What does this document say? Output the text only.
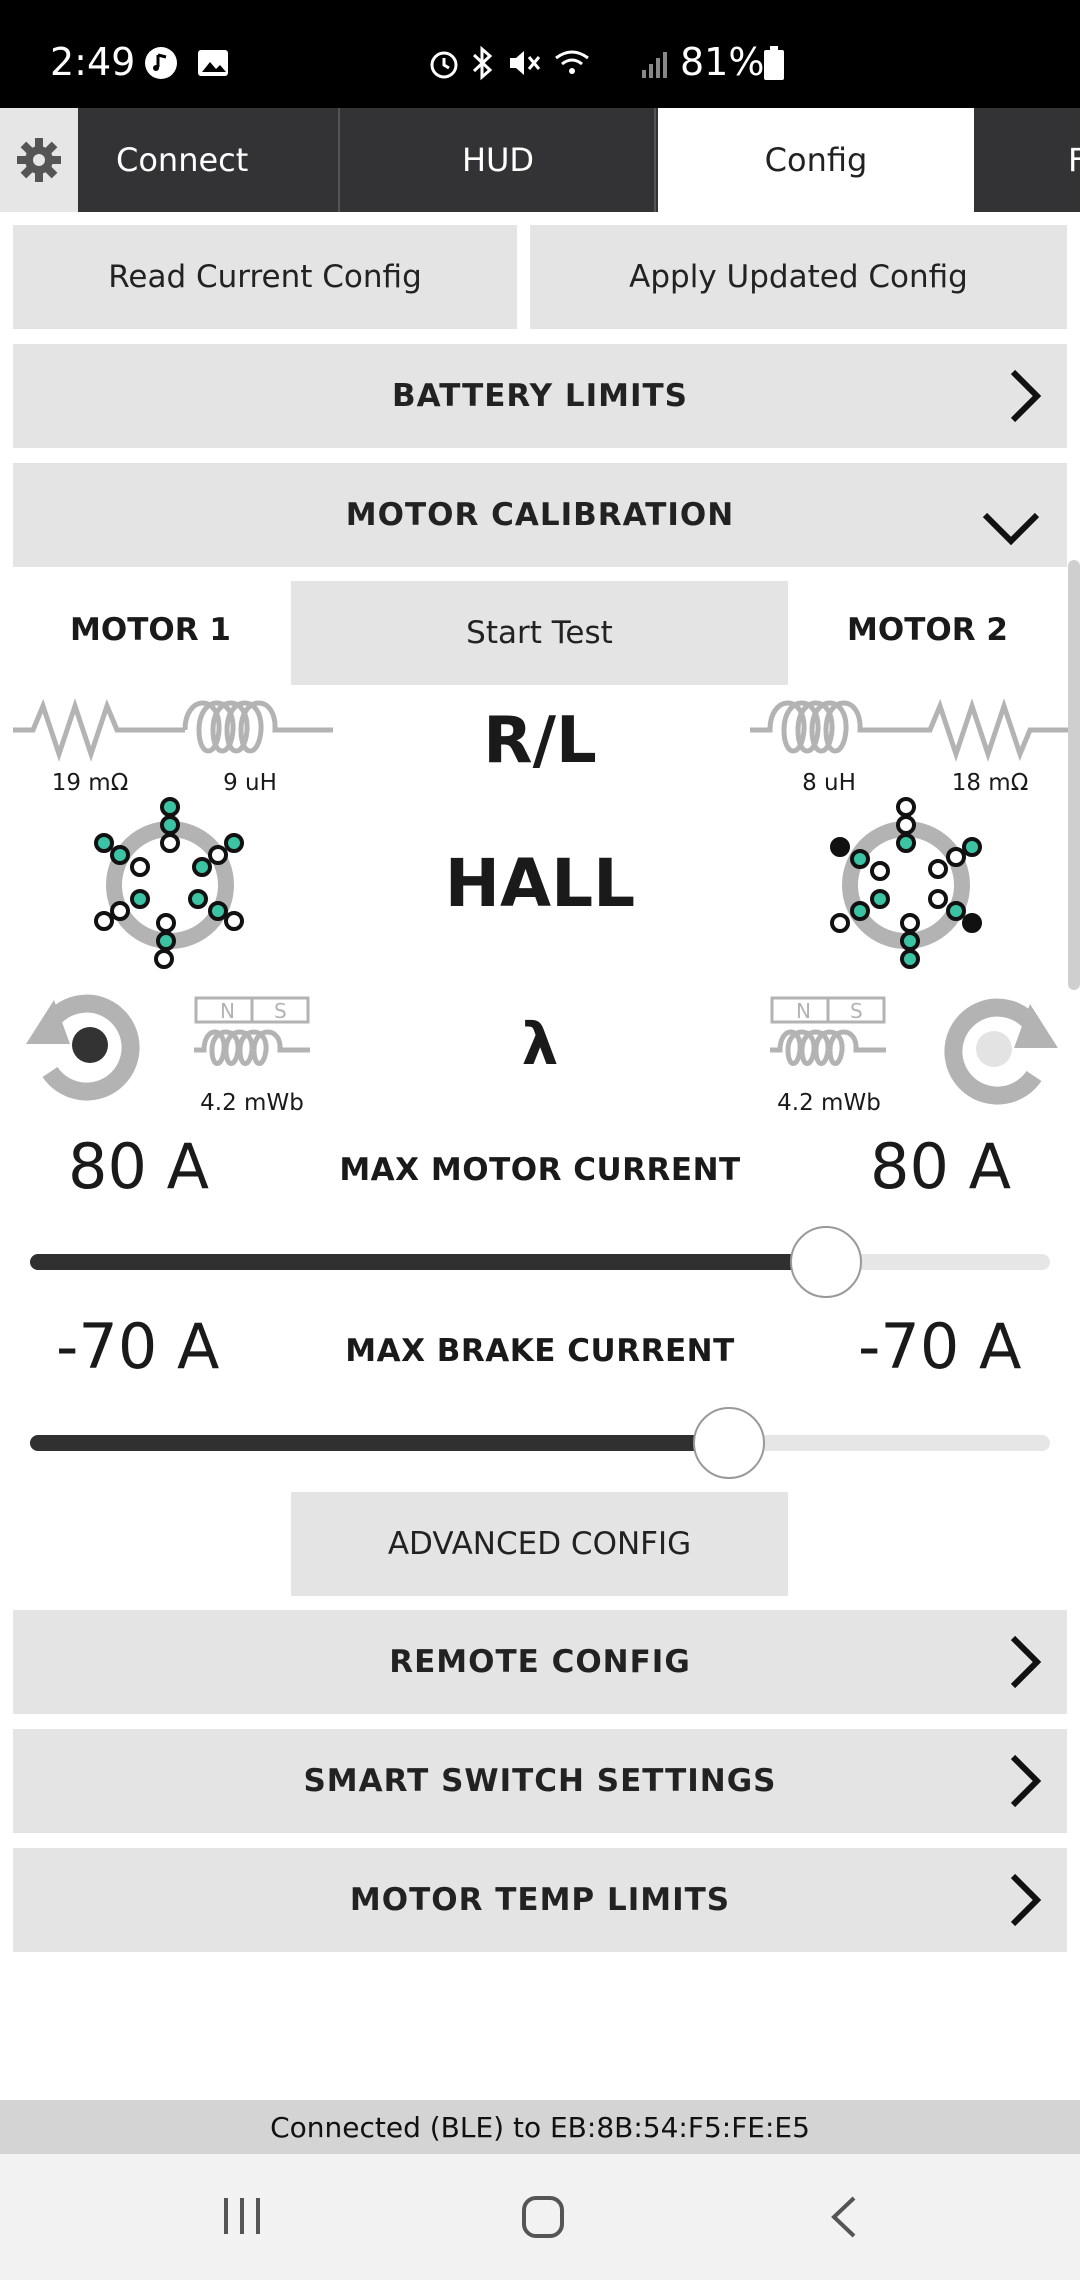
2:49	81%
Connect	HUD	Config	F
Read Current Config	Apply Updated Config
BATTERY LIMITS
MOTOR CALIBRATION
MOTOR 1	Start Test	MOTOR 2
19 mΩ	9 uH	8 uH	18 mΩ
R/L
HALL
N S
4.2 mWb
N S
4.2 mWb
λ
80 A	MAX MOTOR CURRENT	80 A
-70 A	MAX BRAKE CURRENT	-70 A
ADVANCED CONFIG
REMOTE CONFIG
SMART SWITCH SETTINGS
MOTOR TEMP LIMITS
Connected (BLE) to EB:8B:54:F5:FE:E5
